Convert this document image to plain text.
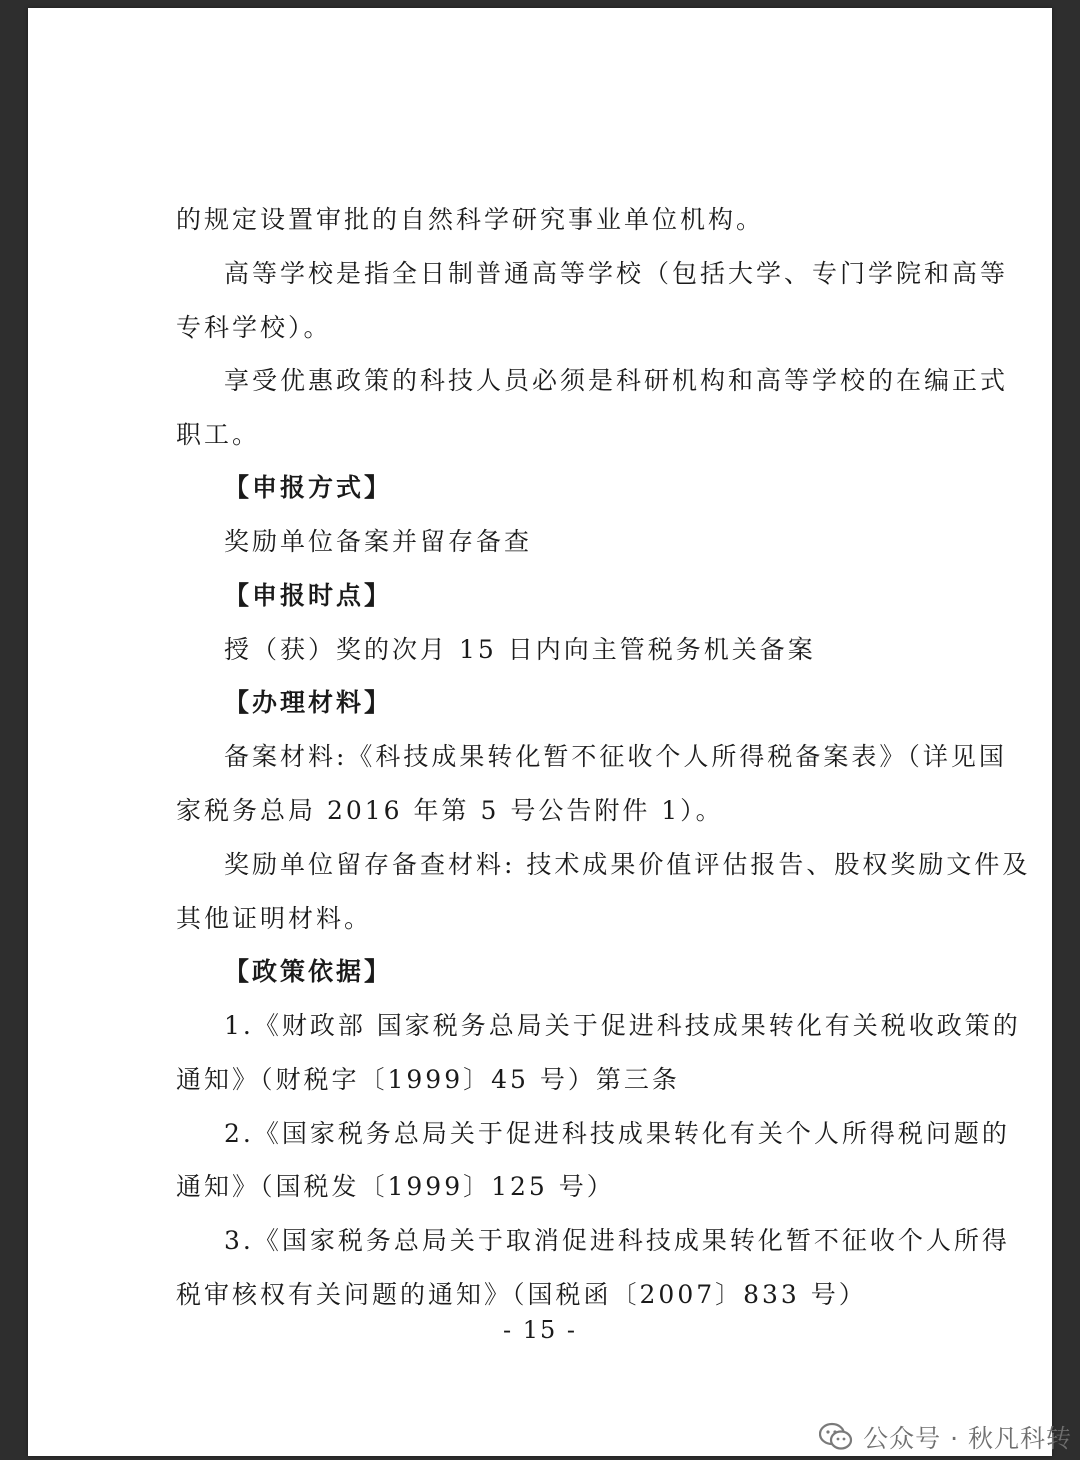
的规定设置审批的自然科学研究事业单位机构。
高等学校是指全日制普通高等学校（包括大学、专门学院和高等
专科学校）。
享受优惠政策的科技人员必须是科研机构和高等学校的在编正式
职工。
【申报方式】
奖励单位备案并留存备查
【申报时点】
授（获）奖的次月 15 日内向主管税务机关备案
【办理材料】
备案材料:《科技成果转化暂不征收个人所得税备案表》（详见国
家税务总局 2016 年第 5 号公告附件 1）。
奖励单位留存备查材料: 技术成果价值评估报告、股权奖励文件及
其他证明材料。
【政策依据】
1.《财政部 国家税务总局关于促进科技成果转化有关税收政策的
通知》（财税字〔1999〕45 号）第三条
2.《国家税务总局关于促进科技成果转化有关个人所得税问题的
通知》（国税发〔1999〕125 号）
3.《国家税务总局关于取消促进科技成果转化暂不征收个人所得
税审核权有关问题的通知》（国税函〔2007〕833 号）
- 15 -
公众号 · 秋凡科转
